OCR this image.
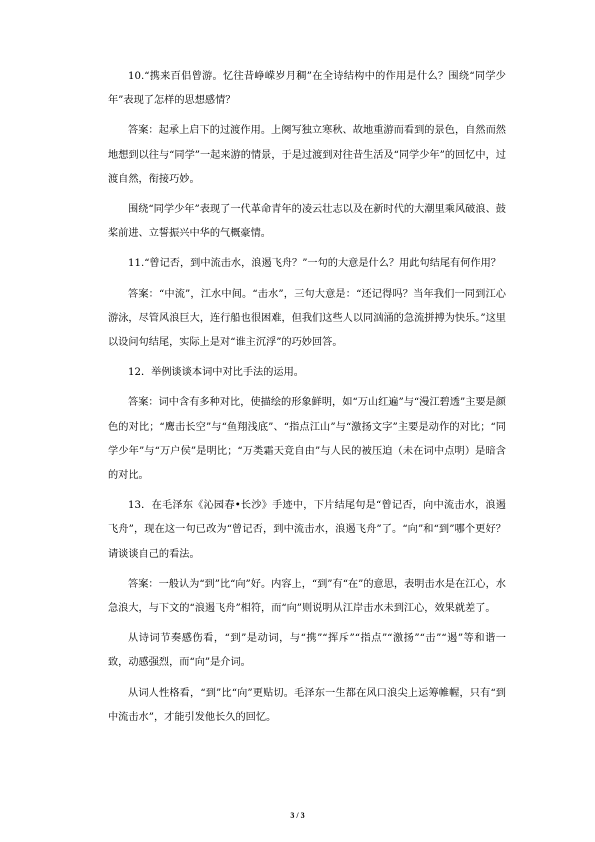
10.“携来百侣曾游。忆往昔峥嵘岁月稠”在全诗结构中的作用是什么？围绕“同学少年”表现了怎样的思想感情？

答案：起承上启下的过渡作用。上阕写独立寒秋、故地重游而看到的景色，自然而然地想到以往与“同学”一起来游的情景，于是过渡到对往昔生活及“同学少年”的回忆中，过渡自然，衔接巧妙。

围绕“同学少年”表现了一代革命青年的凌云壮志以及在新时代的大潮里乘风破浪、鼓桨前进、立誓振兴中华的气概豪情。

11.“曾记否，到中流击水，浪遏飞舟？”一句的大意是什么？用此句结尾有何作用？

答案：“中流”，江水中间。“击水”，三句大意是：“还记得吗？当年我们一同到江心游泳，尽管风浪巨大，连行船也很困难，但我们这些人以同汹涌的急流拼搏为快乐。”这里以设问句结尾，实际上是对“谁主沉浮”的巧妙回答。

12．举例谈谈本词中对比手法的运用。

答案：词中含有多种对比，使描绘的形象鲜明，如“万山红遍”与“漫江碧透”主要是颜色的对比；“鹰击长空”与“鱼翔浅底”、“指点江山”与“激扬文字”主要是动作的对比；“同学少年”与“万户侯”是明比；“万类霜天竞自由”与人民的被压迫（未在词中点明）是暗含的对比。

13．在毛泽东《沁园春•长沙》手迹中，下片结尾句是“曾记否，向中流击水，浪遏飞舟”，现在这一句已改为“曾记否，到中流击水，浪遏飞舟”了。“向”和“到”哪个更好？请谈谈自己的看法。

答案：一般认为“到”比“向”好。内容上，“到”有“在”的意思，表明击水是在江心，水急浪大，与下文的“浪遏飞舟”相符，而“向”则说明从江岸击水未到江心，效果就差了。

从诗词节奏感伤看，“到”是动词，与“携”“挥斥”“指点”“激扬”“击”“遏”等和谐一致，动感强烈，而“向”是介词。

从词人性格看，“到”比“向”更贴切。毛泽东一生都在风口浪尖上运筹帷幄，只有“到中流击水”，才能引发他长久的回忆。

3 / 3
